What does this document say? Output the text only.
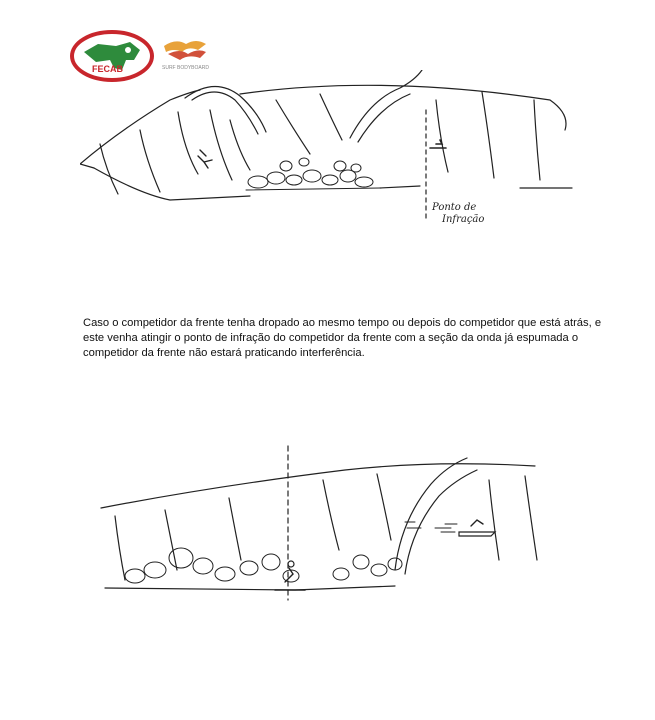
FECAB	SURF BODYBOARD
Ponto de
Infração

Caso o competidor da frente tenha dropado ao mesmo tempo ou depois do competidor que está atrás, e este venha atingir o ponto de infração do competidor da frente com a seção da onda já espumada o competidor da frente não estará praticando interferência.
